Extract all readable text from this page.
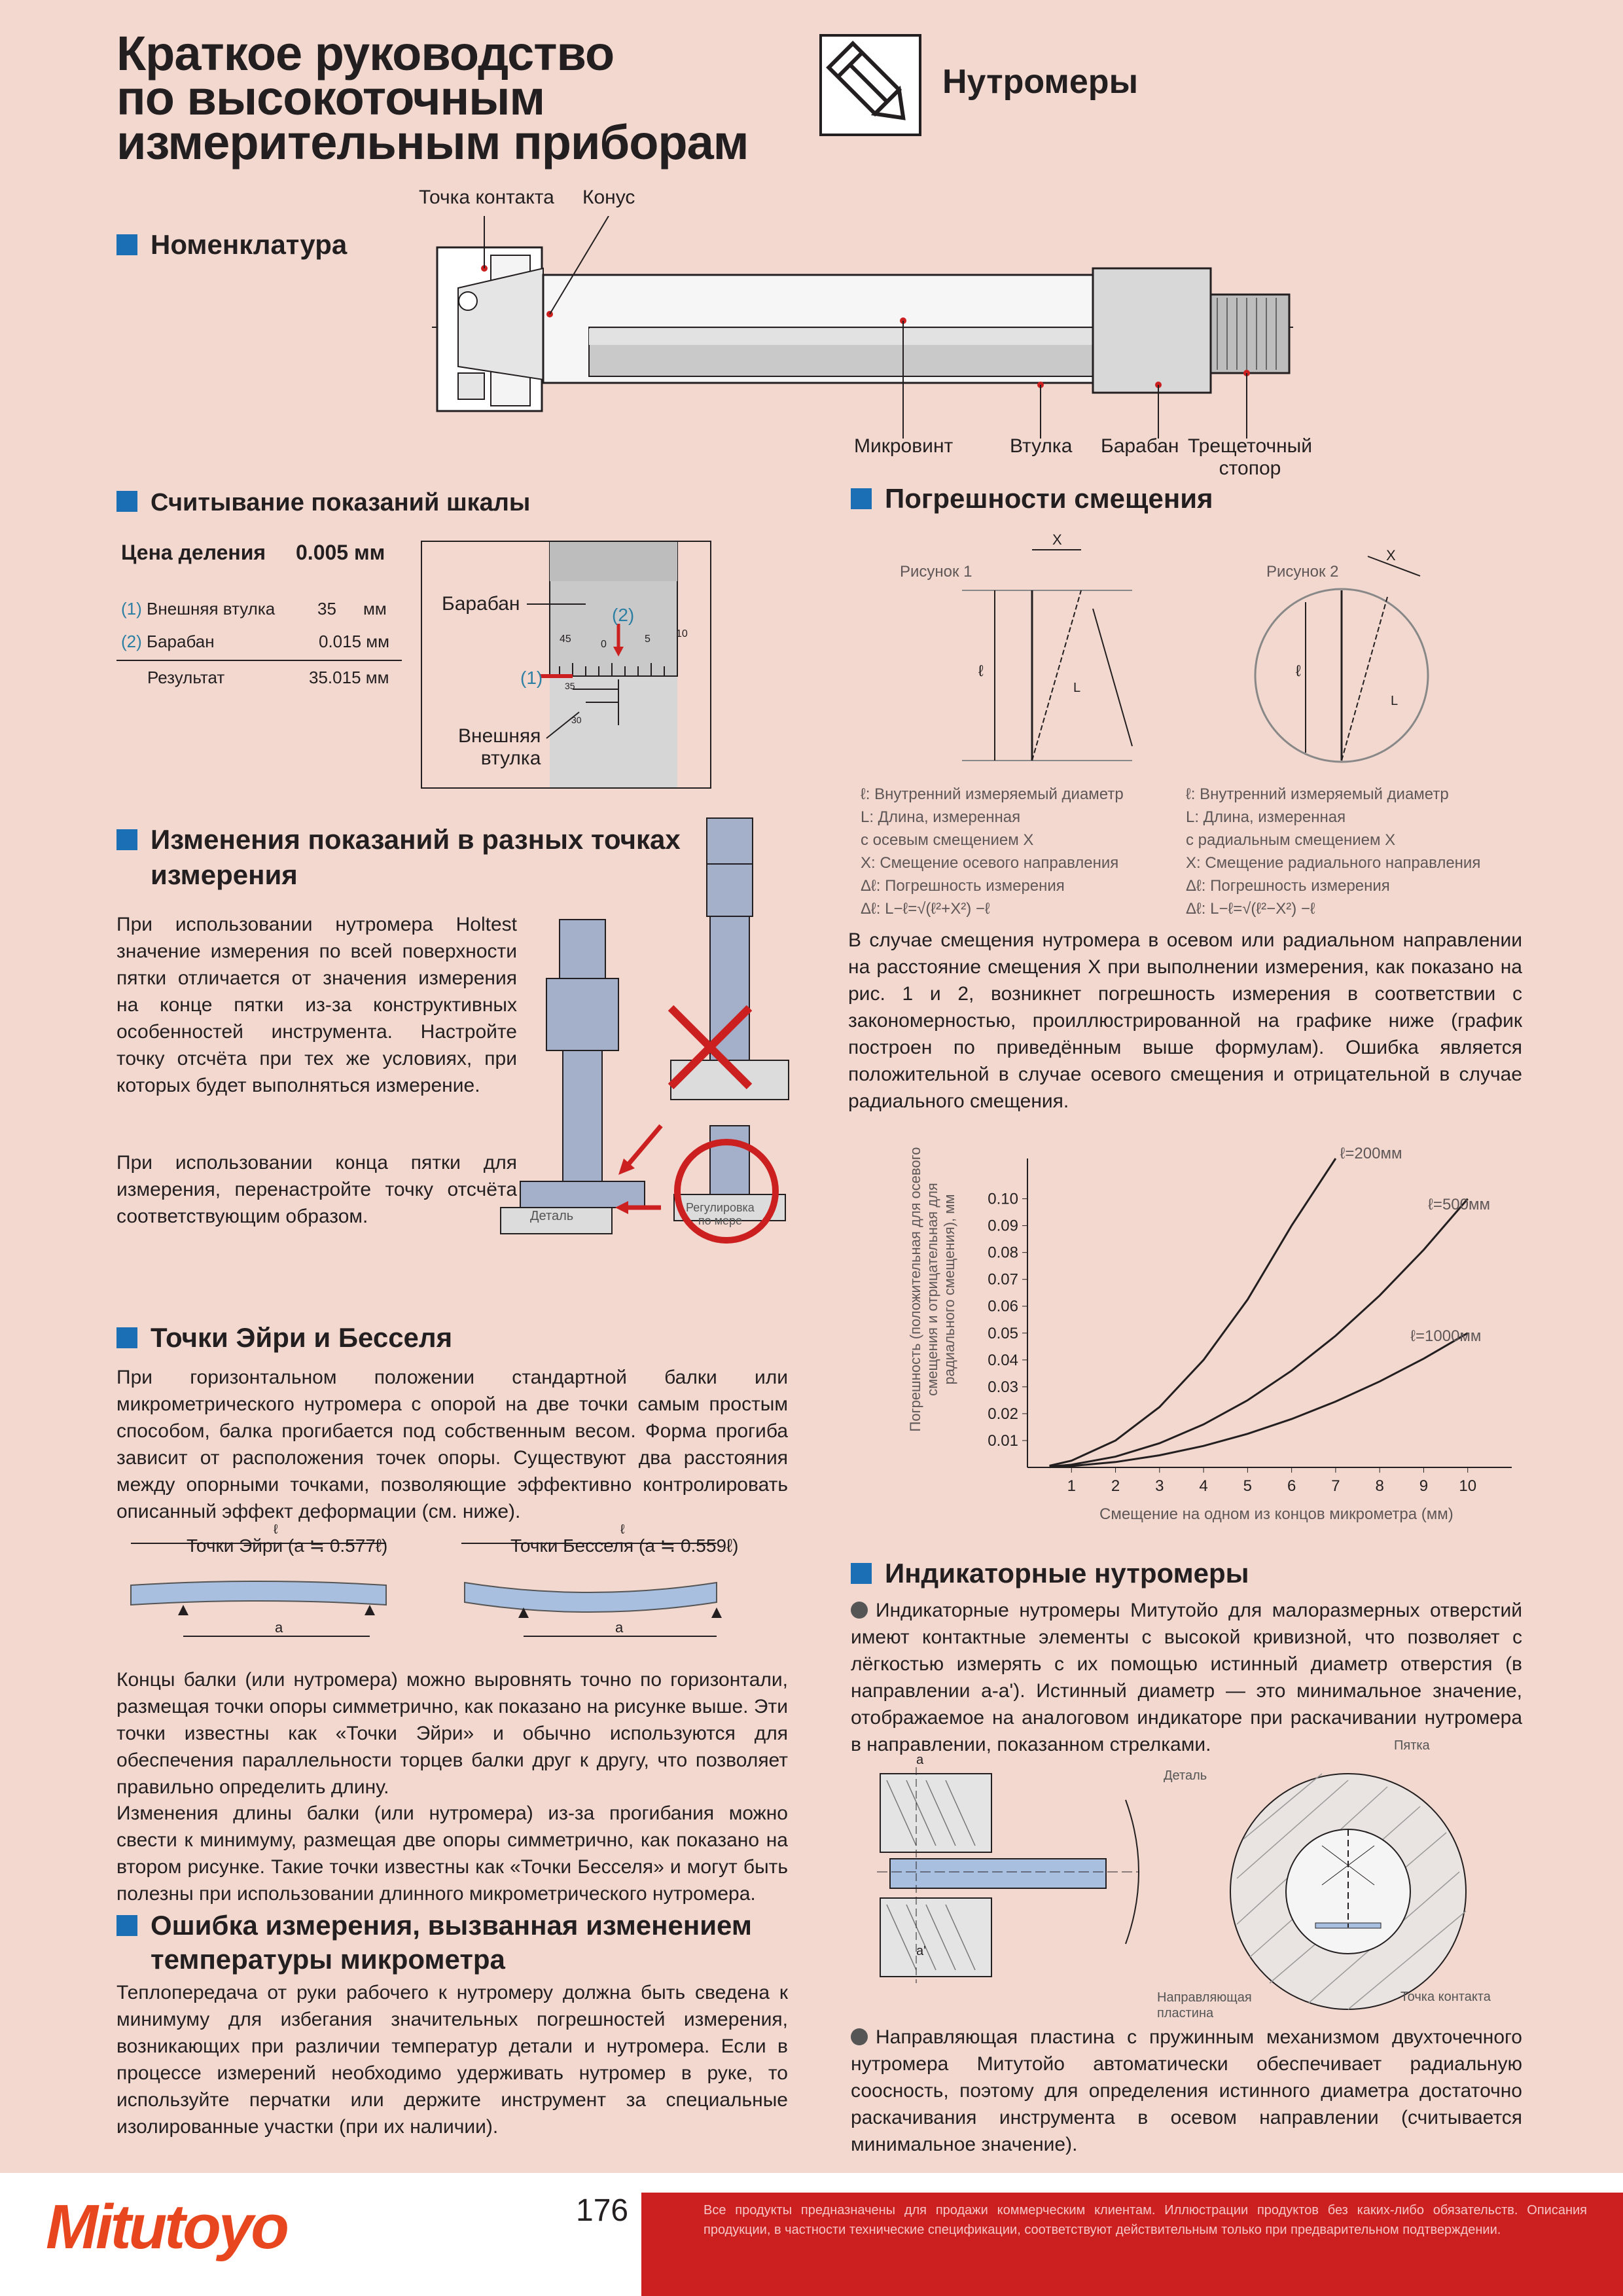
Краткое руководство
по высокоточным
измерительным приборам
Нутромеры
Номенклатура
Точка контакта Конус
Микровинт	Втулка Барабан Трещеточный
стопор
Считывание показаний шкалы
Цена деления 0.005 мм
(1) Внешняя втулка 35 мм
(2) Барабан	0.015 мм
Результат	35.015 мм
Барабан
(2)
(1)
45	0	5 10
35
30
Внешняя
втулка
Изменения показаний в разных точках
измерения
При использовании нутромера Holtest значение измерения по всей поверхности пятки отличается от значения измерения на конце пятки из-за конструктивных особенностей инструмента. Настройте точку отсчёта при тех же условиях, при которых будет выполняться измерение.
При использовании конца пятки для измерения, перенастройте точку отсчёта соответствующим образом.	Деталь
Регулировка
по мере
Точки Эйри и Бесселя
При горизонтальном положении стандартной балки или микрометрического нутромера с опорой на две точки самым простым способом, балка прогибается под собственным весом. Форма прогиба зависит от расположения точек опоры. Существуют два расстояния между опорными точками, позволяющие эффективно контролировать описанный эффект деформации (см. ниже).
Точки Эйри (a ≒ 0.577ℓ)	Точки Бесселя (a ≒ 0.559ℓ)
ℓ	ℓ
a	a
Концы балки (или нутромера) можно выровнять точно по горизонтали, размещая точки опоры симметрично, как показано на рисунке выше. Эти точки известны как «Точки Эйри» и обычно используются для обеспечения параллельности торцев балки друг к другу, что позволяет правильно определить длину.
Изменения длины балки (или нутромера) из-за прогибания можно свести к минимуму, размещая две опоры симметрично, как показано на втором рисунке. Такие точки известны как «Точки Бесселя» и могут быть полезны при использовании длинного микрометрического нутромера.
Ошибка измерения, вызванная изменением
температуры микрометра
Теплопередача от руки рабочего к нутромеру должна быть сведена к минимуму для избегания значительных погрешностей измерения, возникающих при различии температур детали и нутромера. Если в процессе измерений необходимо удерживать нутромер в руке, то используйте перчатки или держите инструмент за специальные изолированные участки (при их наличии).
Погрешности смещения
Рисунок 1	Рисунок 2
X
X
ℓ	ℓ
L
L
ℓ: Внутренний измеряемый диаметр
L: Длина, измеренная
с осевым смещением X
X: Смещение осевого направления
Δℓ: Погрешность измерения
Δℓ: L−ℓ=√(ℓ²+X²) −ℓ
ℓ: Внутренний измеряемый диаметр
L: Длина, измеренная
с радиальным смещением X
X: Смещение радиального направления
Δℓ: Погрешность измерения
Δℓ: L−ℓ=√(ℓ²−X²) −ℓ
В случае смещения нутромера в осевом или радиальном направлении на расстояние смещения X при выполнении измерения, как показано на рис. 1 и 2, возникнет погрешность измерения в соответствии с закономерностью, проиллюстрированной на графике ниже (график построен по приведённым выше формулам). Ошибка является положительной в случае осевого смещения и отрицательной в случае радиального смещения.
1 2 3 4 5 6 7 8 9 10
0.01
0.02
0.03
0.04
0.05
0.06
0.07
0.08
0.09
0.10
ℓ=200мм
ℓ=500мм
ℓ=1000мм
Погрешность (положительная для осевого смещения и отрицательная для радиального смещения), мм
Смещение на одном из концов микрометра (мм)
Индикаторные нутромеры
Индикаторные нутромеры Митутойо для малоразмерных отверстий имеют контактные элементы с высокой кривизной, что позволяет с лёгкостью измерять с их помощью истинный диаметр отверстия (в направлении a-a'). Истинный диаметр — это минимальное значение, отображаемое на аналоговом индикаторе при раскачивании нутромера в направлении, показанном стрелками.	Пятка
Деталь
Направляющая
пластина
Точка контакта
a
a'
Направляющая пластина с пружинным механизмом двухточечного нутромера Митутойо автоматически обеспечивает радиальную соосность, поэтому для определения истинного диаметра достаточно раскачивания инструмента в осевом направлении (считывается минимальное значение).
Mitutoyo	176	Все продукты предназначены для продажи коммерческим клиентам. Иллюстрации продуктов без каких-либо обязательств. Описания продукции, в частности технические спецификации, соответствуют действительным только при предварительном подтверждении.
